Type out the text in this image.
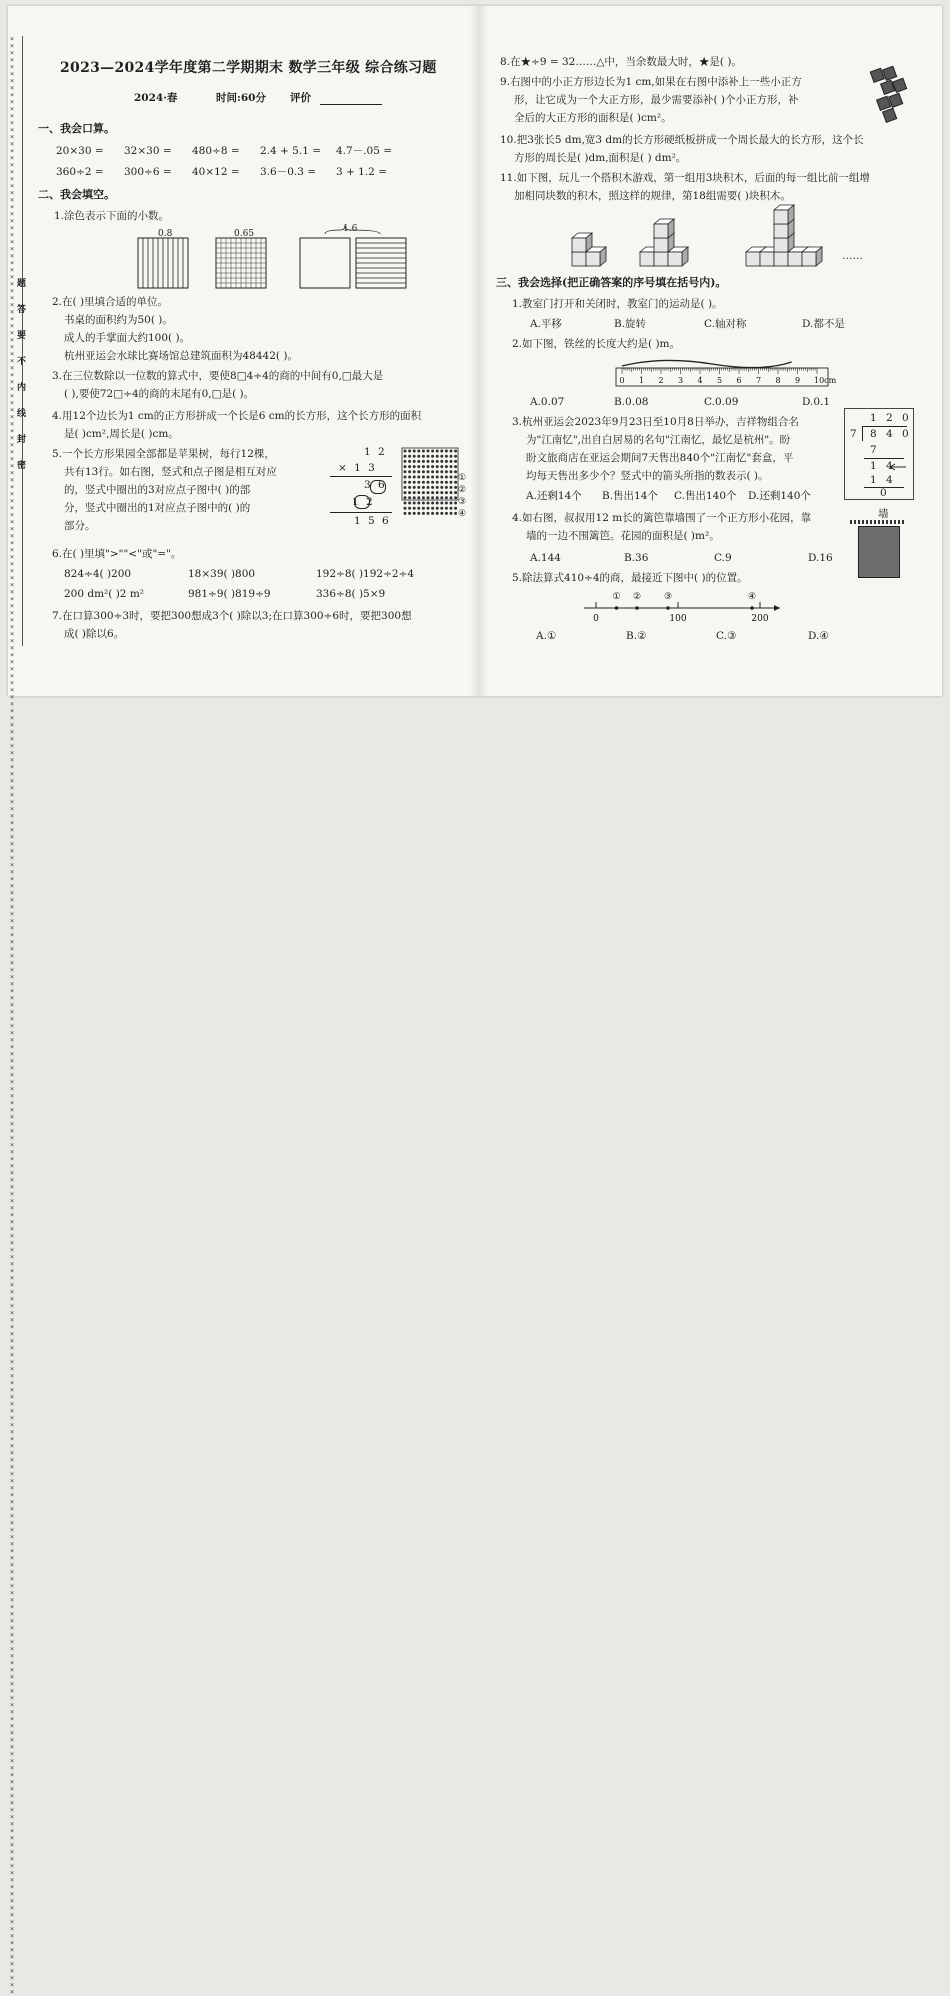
××××××××××××××××××××××××××××××××××××××××××××××××××××××××××××××××××××××××××××××××××××××××××××××××××××××××××××××××××××××××××××××××××××××××××××××××××××××××××××××××××××××××××××××××××××××××××××××××××××××××××××××××××××××××××××××××××××××××××××××××××××××××××××××××××××××××××××××××××××××××
题
答
要
不
内
线
封
密
2023—2024学年度第二学期期末 数学三年级 综合练习题
2024·春	时间:60分 评价
一、我会口算。
20×30 = 32×30 = 480÷8 = 2.4 + 5.1 = 4.7－.05 =
360÷2 = 300÷6 = 40×12 = 3.6－0.3 = 3 + 1.2 =
二、我会填空。
1.涂色表示下面的小数。
0.8	0.65	1.6
2.在( )里填合适的单位。
书桌的面积约为50( )。
成人的手掌面大约100( )。
杭州亚运会水球比赛场馆总建筑面积为48442( )。
3.在三位数除以一位数的算式中，要使8□4÷4的商的中间有0,□最大是
( ),要使72□÷4的商的末尾有0,□是( )。
4.用12个边长为1 cm的正方形拼成一个长是6 cm的长方形，这个长方形的面积
是( )cm²,周长是( )cm。
5.一个长方形果园全部都是苹果树，每行12棵，
共有13行。如右图，竖式和点子图是相互对应
的，竖式中圈出的3对应点子图中( )的部
分，竖式中圈出的1对应点子图中的( )的
部分。
1 2
× 1 3
3 6
1 2
1 5 6
①
②
③
④
6.在( )里填">""<"或"="。
824÷4( )200	18×39( )800	192÷8( )192÷2÷4
200 dm²( )2 m²	981÷9( )819÷9	336÷8( )5×9
7.在口算300÷3时，要把300想成3个( )除以3;在口算300÷6时，要把300想
成( )除以6。
8.在★÷9 = 32……△中，当余数最大时，★是( )。
9.右图中的小正方形边长为1 cm,如果在右图中添补上一些小正方
形，让它成为一个大正方形，最少需要添补( )个小正方形，补
全后的大正方形的面积是( )cm²。
10.把3张长5 dm,宽3 dm的长方形硬纸板拼成一个周长最大的长方形，这个长
方形的周长是( )dm,面积是( ) dm²。
11.如下图，玩儿一个搭积木游戏，第一组用3块积木，后面的每一组比前一组增
加相同块数的积木，照这样的规律，第18组需要( )块积木。
……
三、我会选择(把正确答案的序号填在括号内)。
1.教室门打开和关闭时，教室门的运动是( )。
A.平移	B.旋转	C.轴对称	D.都不是
2.如下图，铁丝的长度大约是( )m。
0 1 2 3 4 5 6 7 8 9 10cm
A.0.07	B.0.08	C.0.09	D.0.1
3.杭州亚运会2023年9月23日至10月8日举办，吉祥物组合名
为"江南忆",出自白居易的名句"江南忆，最忆是杭州"。盼
盼文旅商店在亚运会期间7天售出840个"江南忆"套盒，平
均每天售出多少个？竖式中的箭头所指的数表示( )。
A.还剩14个 B.售出14个 C.售出140个 D.还剩140个
1 2 0
7 8 4 0
7
1 4
1 4
0
4.如右图，叔叔用12 m长的篱笆靠墙围了一个正方形小花园，靠
墙的一边不围篱笆。花园的面积是( )m²。
A.144	B.36	C.9	D.16
墙
5.除法算式410÷4的商，最接近下图中( )的位置。
0	100	200
① ②	③	④
A.①	B.②	C.③	D.④
